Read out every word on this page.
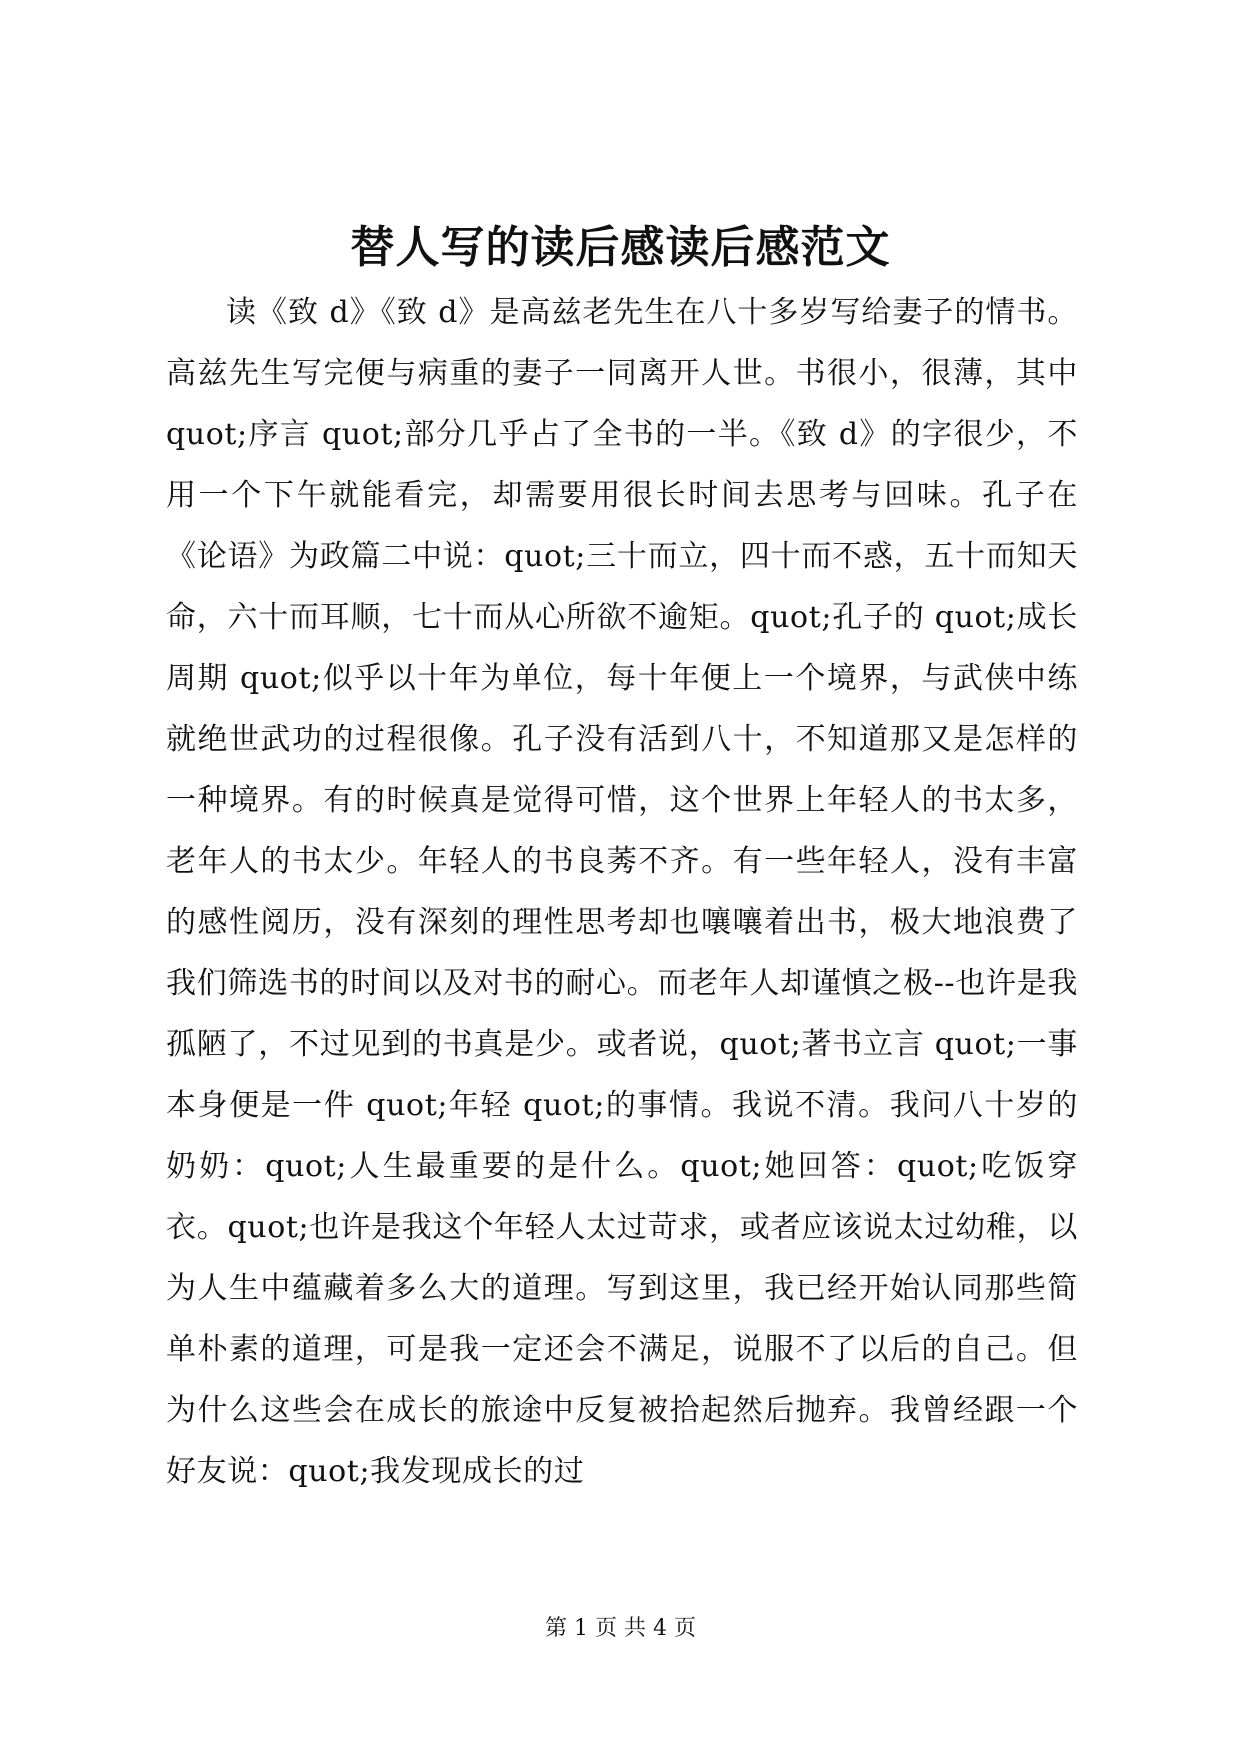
替人写的读后感读后感范文

读《致 d》《致 d》是高兹老先生在八十多岁写给妻子的情书。高兹先生写完便与病重的妻子一同离开人世。书很小，很薄，其中 quot;序言 quot;部分几乎占了全书的一半。《致 d》的字很少，不用一个下午就能看完，却需要用很长时间去思考与回味。孔子在《论语》为政篇二中说：quot;三十而立，四十而不惑，五十而知天命，六十而耳顺，七十而从心所欲不逾矩。quot;孔子的 quot;成长周期 quot;似乎以十年为单位，每十年便上一个境界，与武侠中练就绝世武功的过程很像。孔子没有活到八十，不知道那又是怎样的一种境界。有的时候真是觉得可惜，这个世界上年轻人的书太多，老年人的书太少。年轻人的书良莠不齐。有一些年轻人，没有丰富的感性阅历，没有深刻的理性思考却也嚷嚷着出书，极大地浪费了我们筛选书的时间以及对书的耐心。而老年人却谨慎之极--也许是我孤陋了，不过见到的书真是少。或者说，quot;著书立言 quot;一事本身便是一件 quot;年轻 quot;的事情。我说不清。我问八十岁的奶奶：quot;人生最重要的是什么。quot;她回答：quot;吃饭穿衣。quot;也许是我这个年轻人太过苛求，或者应该说太过幼稚，以为人生中蕴藏着多么大的道理。写到这里，我已经开始认同那些简单朴素的道理，可是我一定还会不满足，说服不了以后的自己。但为什么这些会在成长的旅途中反复被拾起然后抛弃。我曾经跟一个好友说：quot;我发现成长的过

第 1 页 共 4 页
